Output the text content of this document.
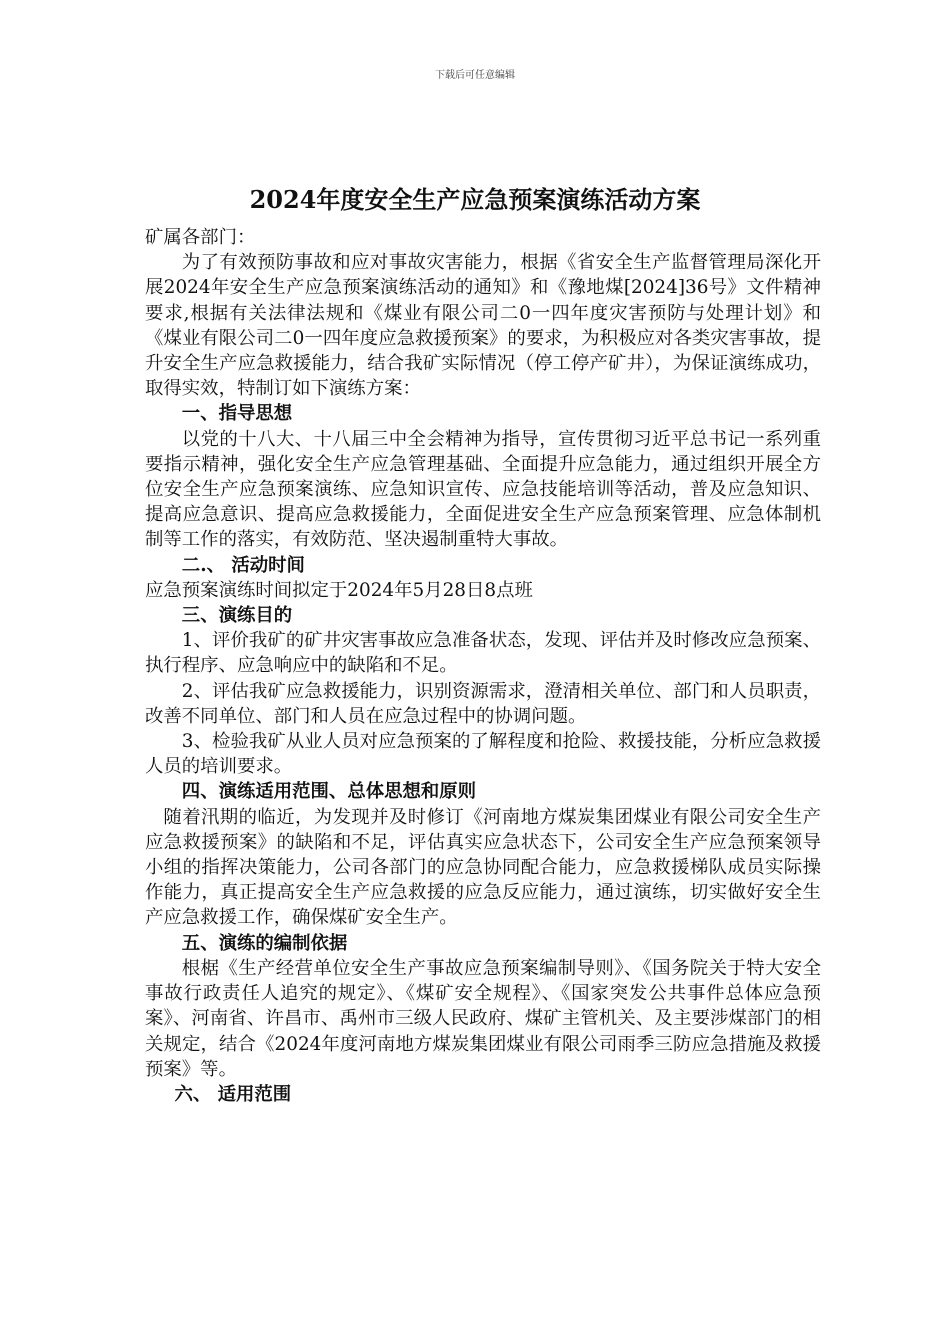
下载后可任意编辑
2024年度安全生产应急预案演练活动方案

矿属各部门：

为了有效预防事故和应对事故灾害能力，根据《省安全生产监督管理局深化开展2024年安全生产应急预案演练活动的通知》和《豫地煤[2024]36号》文件精神要求,根据有关法律法规和《煤业有限公司二0一四年度灾害预防与处理计划》和《煤业有限公司二0一四年度应急救援预案》的要求，为积极应对各类灾害事故，提升安全生产应急救援能力，结合我矿实际情况（停工停产矿井），为保证演练成功，取得实效，特制订如下演练方案：

一、指导思想

以党的十八大、十八届三中全会精神为指导，宣传贯彻习近平总书记一系列重要指示精神，强化安全生产应急管理基础、全面提升应急能力，通过组织开展全方位安全生产应急预案演练、应急知识宣传、应急技能培训等活动，普及应急知识、提高应急意识、提高应急救援能力，全面促进安全生产应急预案管理、应急体制机制等工作的落实，有效防范、坚决遏制重特大事故。

二.、 活动时间

应急预案演练时间拟定于2024年5月28日8点班

三、演练目的

1、评价我矿的矿井灾害事故应急准备状态，发现、评估并及时修改应急预案、执行程序、应急响应中的缺陷和不足。

2、评估我矿应急救援能力，识别资源需求，澄清相关单位、部门和人员职责，改善不同单位、部门和人员在应急过程中的协调问题。

3、检验我矿从业人员对应急预案的了解程度和抢险、救援技能，分析应急救援人员的培训要求。

四、演练适用范围、总体思想和原则

随着汛期的临近，为发现并及时修订《河南地方煤炭集团煤业有限公司安全生产应急救援预案》的缺陷和不足，评估真实应急状态下，公司安全生产应急预案领导小组的指挥决策能力，公司各部门的应急协同配合能力，应急救援梯队成员实际操作能力，真正提高安全生产应急救援的应急反应能力，通过演练，切实做好安全生产应急救援工作，确保煤矿安全生产。

五、演练的编制依据

根椐《生产经营单位安全生产事故应急预案编制导则》、《国务院关于特大安全事故行政责任人追究的规定》、《煤矿安全规程》、《国家突发公共事件总体应急预案》、河南省、许昌市、禹州市三级人民政府、煤矿主管机关、及主要涉煤部门的相关规定，结合《2024年度河南地方煤炭集团煤业有限公司雨季三防应急措施及救援预案》等。

六、 适用范围
